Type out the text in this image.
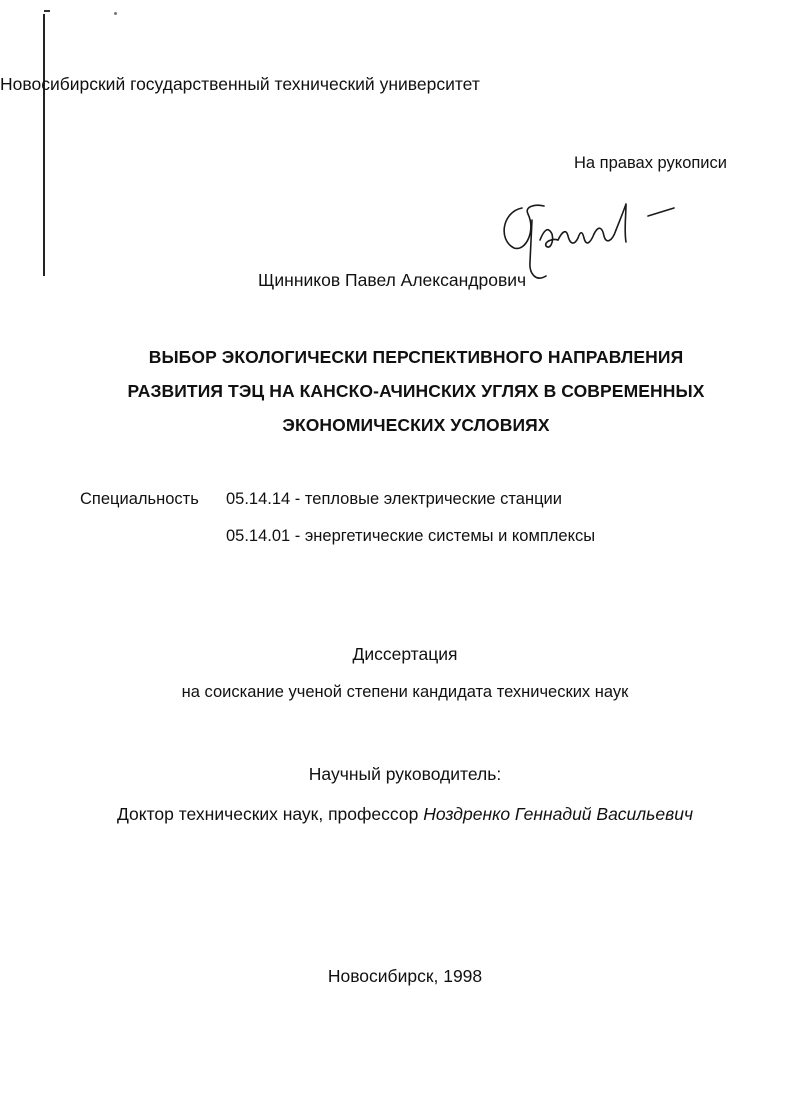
Новосибирский государственный технический университет
На правах рукописи
Щинников Павел Александрович
ВЫБОР ЭКОЛОГИЧЕСКИ ПЕРСПЕКТИВНОГО НАПРАВЛЕНИЯ
РАЗВИТИЯ ТЭЦ НА КАНСКО-АЧИНСКИХ УГЛЯХ В СОВРЕМЕННЫХ
ЭКОНОМИЧЕСКИХ УСЛОВИЯХ
Специальность 05.14.14 - тепловые электрические станции
05.14.01 - энергетические системы и комплексы
Диссертация
на соискание ученой степени кандидата технических наук
Научный руководитель:
Доктор технических наук, профессор Ноздренко Геннадий Васильевич
Новосибирск, 1998
